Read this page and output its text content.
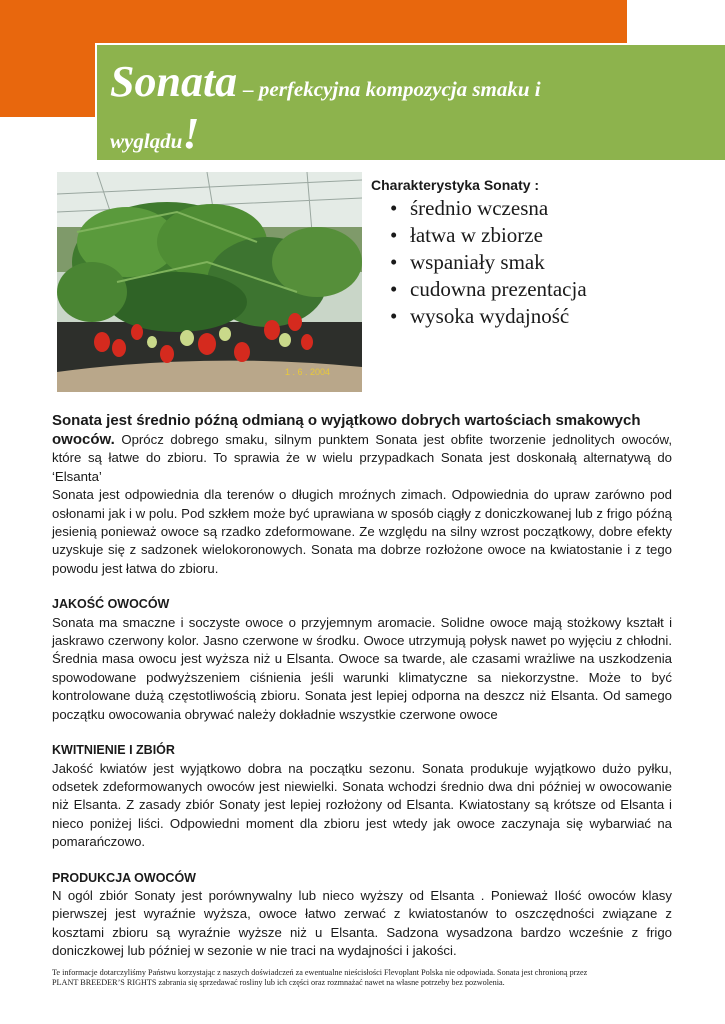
Sonata – perfekcyjna kompozycja smaku i
wyglądu!
1 . 6 . 2004
Charakterystyka Sonaty :
• średnio wczesna
• łatwa w zbiorze
• wspaniały smak
• cudowna prezentacja
• wysoka wydajność

Sonata jest średnio późną odmianą o wyjątkowo dobrych wartościach smakowych

owoców. Oprócz dobrego smaku, silnym punktem Sonata jest obfite tworzenie jednolitych owoców, które są łatwe do zbioru. To sprawia że w wielu przypadkach Sonata jest doskonałą alternatywą do ‘Elsanta’

Sonata jest odpowiednia dla terenów o długich mroźnych zimach. Odpowiednia do upraw zarówno pod osłonami jak i w polu. Pod szkłem może być uprawiana w sposób ciągły z doniczkowanej lub z frigo późną jesienią ponieważ owoce są rzadko zdeformowane. Ze względu na silny wzrost początkowy, dobre efekty uzyskuje się z sadzonek wielokoronowych. Sonata ma dobrze rozłożone owoce na kwiatostanie i z tego powodu jest łatwa do zbioru.

JAKOŚĆ OWOCÓW

Sonata ma smaczne i soczyste owoce o przyjemnym aromacie. Solidne owoce mają stożkowy kształt i jaskrawo czerwony kolor. Jasno czerwone w środku. Owoce utrzymują połysk nawet po wyjęciu z chłodni. Średnia masa owocu jest wyższa niż u Elsanta. Owoce sa twarde, ale czasami wrażliwe na uszkodzenia spowodowane podwyższeniem ciśnienia jeśli warunki klimatyczne sa niekorzystne. Może to być kontrolowane dużą częstotliwością zbioru. Sonata jest lepiej odporna na deszcz niż Elsanta. Od samego początku owocowania obrywać należy dokładnie wszystkie czerwone owoce

KWITNIENIE I ZBIÓR

Jakość kwiatów jest wyjątkowo dobra na początku sezonu. Sonata produkuje wyjątkowo dużo pyłku, odsetek zdeformowanych owoców jest niewielki. Sonata wchodzi średnio dwa dni później w owocowanie niż Elsanta. Z zasady zbiór Sonaty jest lepiej rozłożony od Elsanta. Kwiatostany są krótsze od Elsanta i nieco poniżej liści. Odpowiedni moment dla zbioru jest wtedy jak owoce zaczynaja się wybarwiać na pomarańczowo.

PRODUKCJA OWOCÓW

N ogól zbiór Sonaty jest porównywalny lub nieco wyższy od Elsanta . Ponieważ Ilość owoców klasy pierwszej jest wyraźnie wyższa, owoce łatwo zerwać z kwiatostanów to oszczędności związane z kosztami zbioru są wyraźnie wyższe niż u Elsanta. Sadzona wysadzona bardzo wcześnie z frigo doniczkowej lub później w sezonie w nie traci na wydajności i jakości.

Te informacje dotarczyliśmy Państwu korzystając z naszych doświadczeń za ewentualne nieścisłości Flevoplant Polska nie odpowiada. Sonata jest chronioną przez
PLANT BREEDER’S RIGHTS zabrania się sprzedawać rosliny lub ich części oraz rozmnażać nawet na własne potrzeby bez pozwolenia.
